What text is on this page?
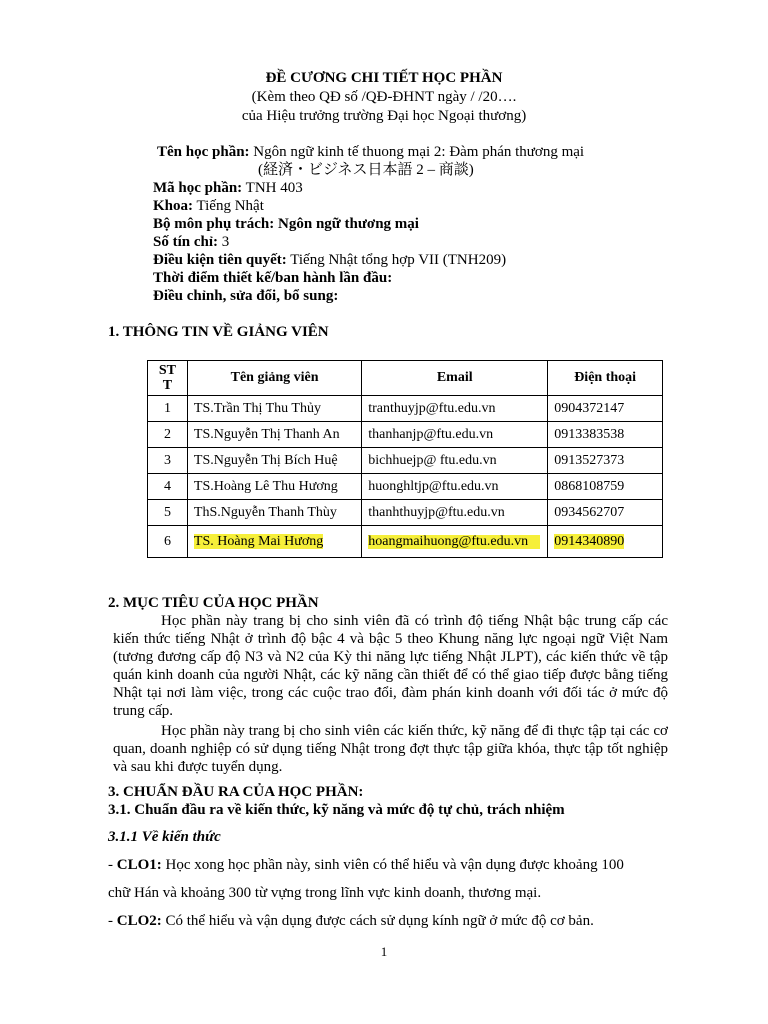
ĐỀ CƯƠNG CHI TIẾT HỌC PHẦN
(Kèm theo QĐ số /QĐ-ĐHNT ngày / /20….
của Hiệu trưởng trường Đại học Ngoại thương)
Tên học phần: Ngôn ngữ kinh tế thuong mại 2: Đàm phán thương mại
(経済・ビジネス日本語 2 – 商談)
Mã học phần: TNH 403
Khoa: Tiếng Nhật
Bộ môn phụ trách: Ngôn ngữ thương mại
Số tín chỉ: 3
Điều kiện tiên quyết: Tiếng Nhật tổng hợp VII (TNH209)
Thời điểm thiết kế/ban hành lần đầu:
Điều chỉnh, sửa đổi, bổ sung:
1. THÔNG TIN VỀ GIẢNG VIÊN
ST T	Tên giảng viên	Email	Điện thoại
1	TS.Trần Thị Thu Thủy	tranthuyjp@ftu.edu.vn	0904372147
2	TS.Nguyễn Thị Thanh An	thanhanjp@ftu.edu.vn	0913383538
3	TS.Nguyễn Thị Bích Huệ	bichhuejp@ ftu.edu.vn	0913527373
4	TS.Hoàng Lê Thu Hương	huonghltjp@ftu.edu.vn	0868108759
5	ThS.Nguyễn Thanh Thùy	thanhthuyjp@ftu.edu.vn	0934562707
6	TS. Hoàng Mai Hương	hoangmaihuong@ftu.edu.vn	0914340890
2. MỤC TIÊU CỦA HỌC PHẦN
Học phần này trang bị cho sinh viên đã có trình độ tiếng Nhật bậc trung cấp các kiến thức tiếng Nhật ở trình độ bậc 4 và bậc 5 theo Khung năng lực ngoại ngữ Việt Nam (tương đương cấp độ N3 và N2 của Kỳ thi năng lực tiếng Nhật JLPT), các kiến thức về tập quán kinh doanh của người Nhật, các kỹ năng cần thiết để có thể giao tiếp được bằng tiếng Nhật tại nơi làm việc, trong các cuộc trao đổi, đàm phán kinh doanh với đối tác ở mức độ trung cấp.
Học phần này trang bị cho sinh viên các kiến thức, kỹ năng để đi thực tập tại các cơ quan, doanh nghiệp có sử dụng tiếng Nhật trong đợt thực tập giữa khóa, thực tập tốt nghiệp và sau khi được tuyển dụng.
3. CHUẨN ĐẦU RA CỦA HỌC PHẦN:
3.1. Chuẩn đầu ra về kiến thức, kỹ năng và mức độ tự chủ, trách nhiệm
3.1.1 Về kiến thức
- CLO1: Học xong học phần này, sinh viên có thể hiểu và vận dụng được khoảng 100
chữ Hán và khoảng 300 từ vựng trong lĩnh vực kinh doanh, thương mại.
- CLO2: Có thể hiểu và vận dụng được cách sử dụng kính ngữ ở mức độ cơ bản.
1
